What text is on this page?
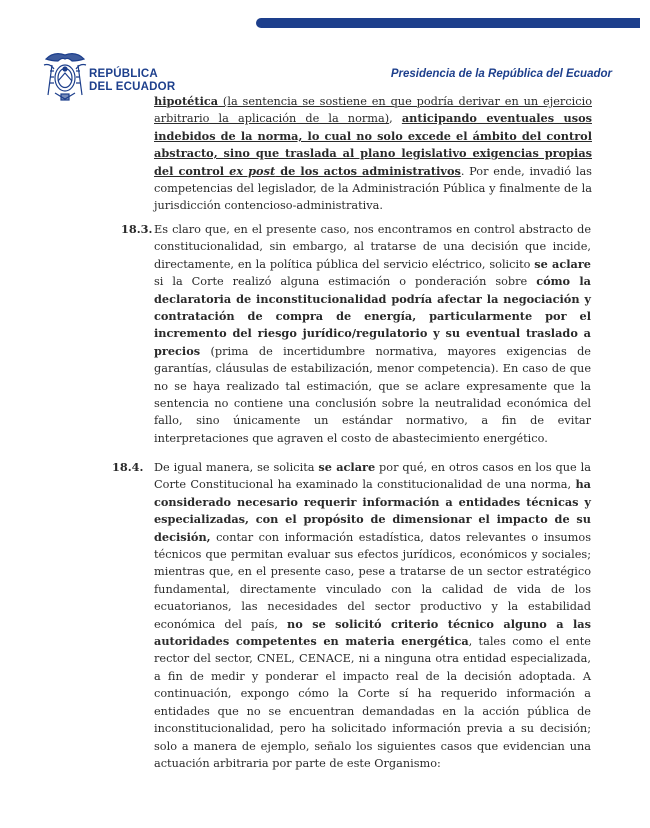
REPÚBLICA
DEL ECUADOR
Presidencia de la República del Ecuador

hipotética (la sentencia se sostiene en que podría derivar en un ejercicio arbitrario la aplicación de la norma), anticipando eventuales usos indebidos de la norma, lo cual no solo excede el ámbito del control abstracto, sino que traslada al plano legislativo exigencias propias del control ex post de los actos administrativos. Por ende, invadió las competencias del legislador, de la Administración Pública y finalmente de la jurisdicción contencioso-administrativa.

18.3. Es claro que, en el presente caso, nos encontramos en control abstracto de constitucionalidad, sin embargo, al tratarse de una decisión que incide, directamente, en la política pública del servicio eléctrico, solicito se aclare si la Corte realizó alguna estimación o ponderación sobre cómo la declaratoria de inconstitucionalidad podría afectar la negociación y contratación de compra de energía, particularmente por el incremento del riesgo jurídico/regulatorio y su eventual traslado a precios (prima de incertidumbre normativa, mayores exigencias de garantías, cláusulas de estabilización, menor competencia). En caso de que no se haya realizado tal estimación, que se aclare expresamente que la sentencia no contiene una conclusión sobre la neutralidad económica del fallo, sino únicamente un estándar normativo, a fin de evitar interpretaciones que agraven el costo de abastecimiento energético.

18.4. De igual manera, se solicita se aclare por qué, en otros casos en los que la Corte Constitucional ha examinado la constitucionalidad de una norma, ha considerado necesario requerir información a entidades técnicas y especializadas, con el propósito de dimensionar el impacto de su decisión, contar con información estadística, datos relevantes o insumos técnicos que permitan evaluar sus efectos jurídicos, económicos y sociales; mientras que, en el presente caso, pese a tratarse de un sector estratégico fundamental, directamente vinculado con la calidad de vida de los ecuatorianos, las necesidades del sector productivo y la estabilidad económica del país, no se solicitó criterio técnico alguno a las autoridades competentes en materia energética, tales como el ente rector del sector, CNEL, CENACE, ni a ninguna otra entidad especializada, a fin de medir y ponderar el impacto real de la decisión adoptada. A continuación, expongo cómo la Corte sí ha requerido información a entidades que no se encuentran demandadas en la acción pública de inconstitucionalidad, pero ha solicitado información previa a su decisión; solo a manera de ejemplo, señalo los siguientes casos que evidencian una actuación arbitraria por parte de este Organismo:
